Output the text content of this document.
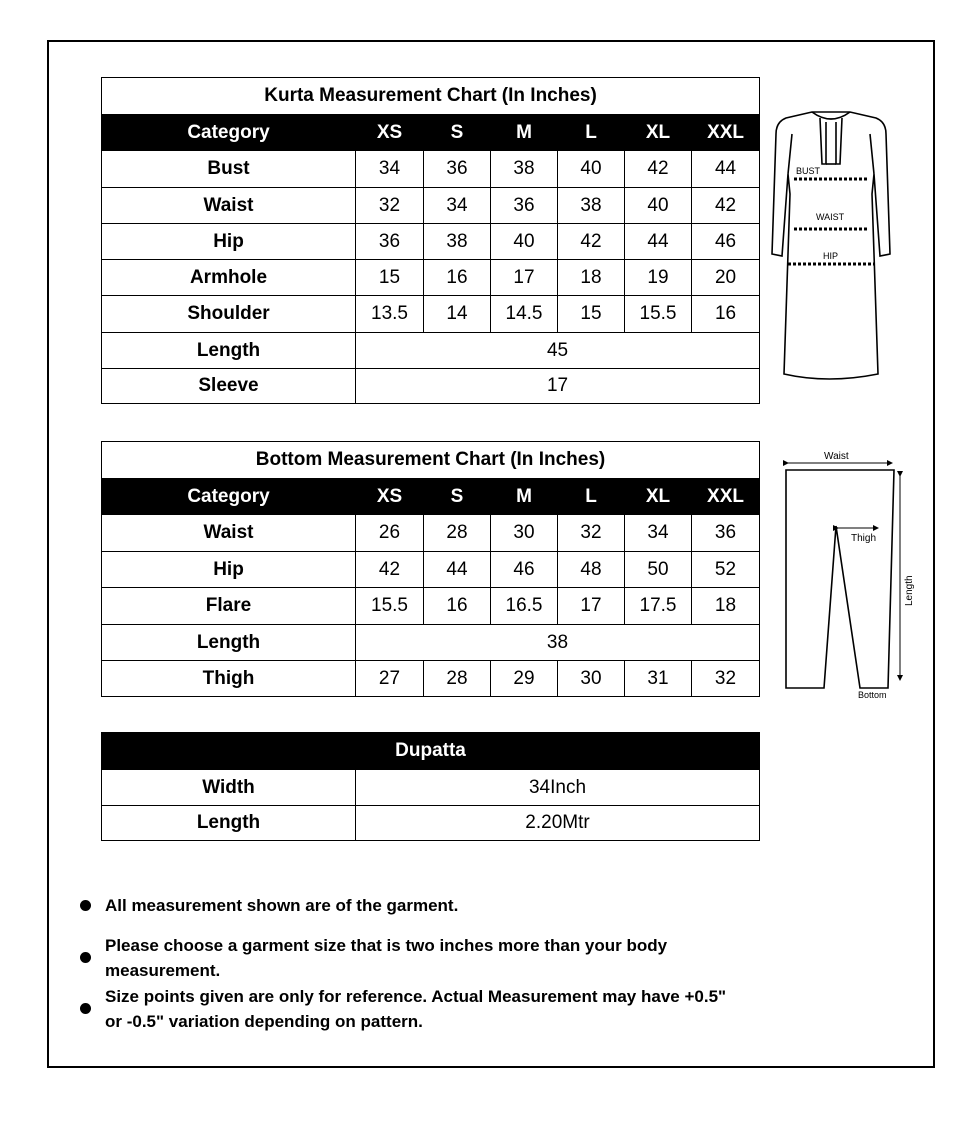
Kurta Measurement Chart (In Inches)						
Category	XS	S	M	L	XL	XXL
Bust	34	36	38	40	42	44
Waist	32	34	36	38	40	42
Hip	36	38	40	42	44	46
Armhole	15	16	17	18	19	20
Shoulder	13.5	14	14.5	15	15.5	16
Length	45					
Sleeve	17					
Bottom Measurement Chart (In Inches)						
Category	XS	S	M	L	XL	XXL
Waist	26	28	30	32	34	36
Hip	42	44	46	48	50	52
Flare	15.5	16	16.5	17	17.5	18
Length	38					
Thigh	27	28	29	30	31	32
Dupatta	
Width	34Inch
Length	2.20Mtr
BUST
WAIST
HIP
Waist
Thigh
Length
Bottom
All measurement shown are of the garment.
Please choose a garment size that is two inches more than your body measurement.
Size points given are only for reference. Actual Measurement may have +0.5" or -0.5" variation depending on pattern.
